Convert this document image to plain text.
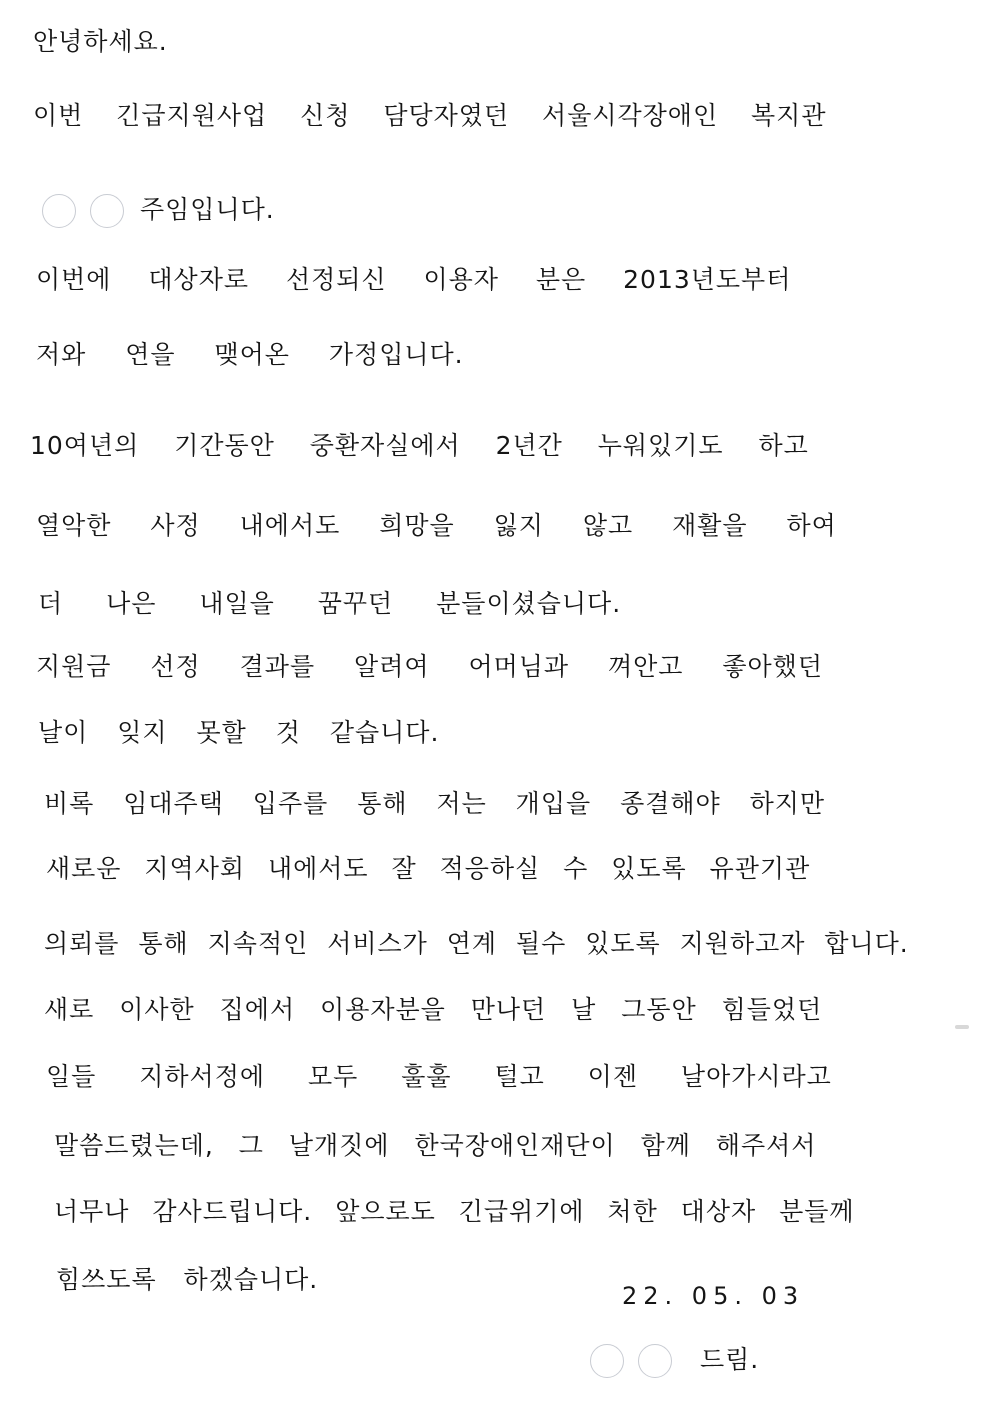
안녕하세요.
이번 긴급지원사업 신청 담당자였던 서울시각장애인 복지관
주임입니다.
이번에 대상자로 선정되신 이용자 분은 2013년도부터
저와 연을 맺어온 가정입니다.
10여년의 기간동안 중환자실에서 2년간 누워있기도 하고
열악한 사정 내에서도 희망을 잃지 않고 재활을 하여
더 나은 내일을 꿈꾸던 분들이셨습니다.
지원금 선정 결과를 알려여 어머님과 껴안고 좋아했던
날이 잊지 못할 것 같습니다.
비록 임대주택 입주를 통해 저는 개입을 종결해야 하지만
새로운 지역사회 내에서도 잘 적응하실 수 있도록 유관기관
의뢰를 통해 지속적인 서비스가 연계 될수 있도록 지원하고자 합니다.
새로 이사한 집에서 이용자분을 만나던 날 그동안 힘들었던
일들 지하서정에 모두 훌훌 털고 이젠 날아가시라고
말씀드렸는데, 그 날개짓에 한국장애인재단이 함께 해주셔서
너무나 감사드립니다. 앞으로도 긴급위기에 처한 대상자 분들께
힘쓰도록 하겠습니다.
22. 05. 03
드림.
